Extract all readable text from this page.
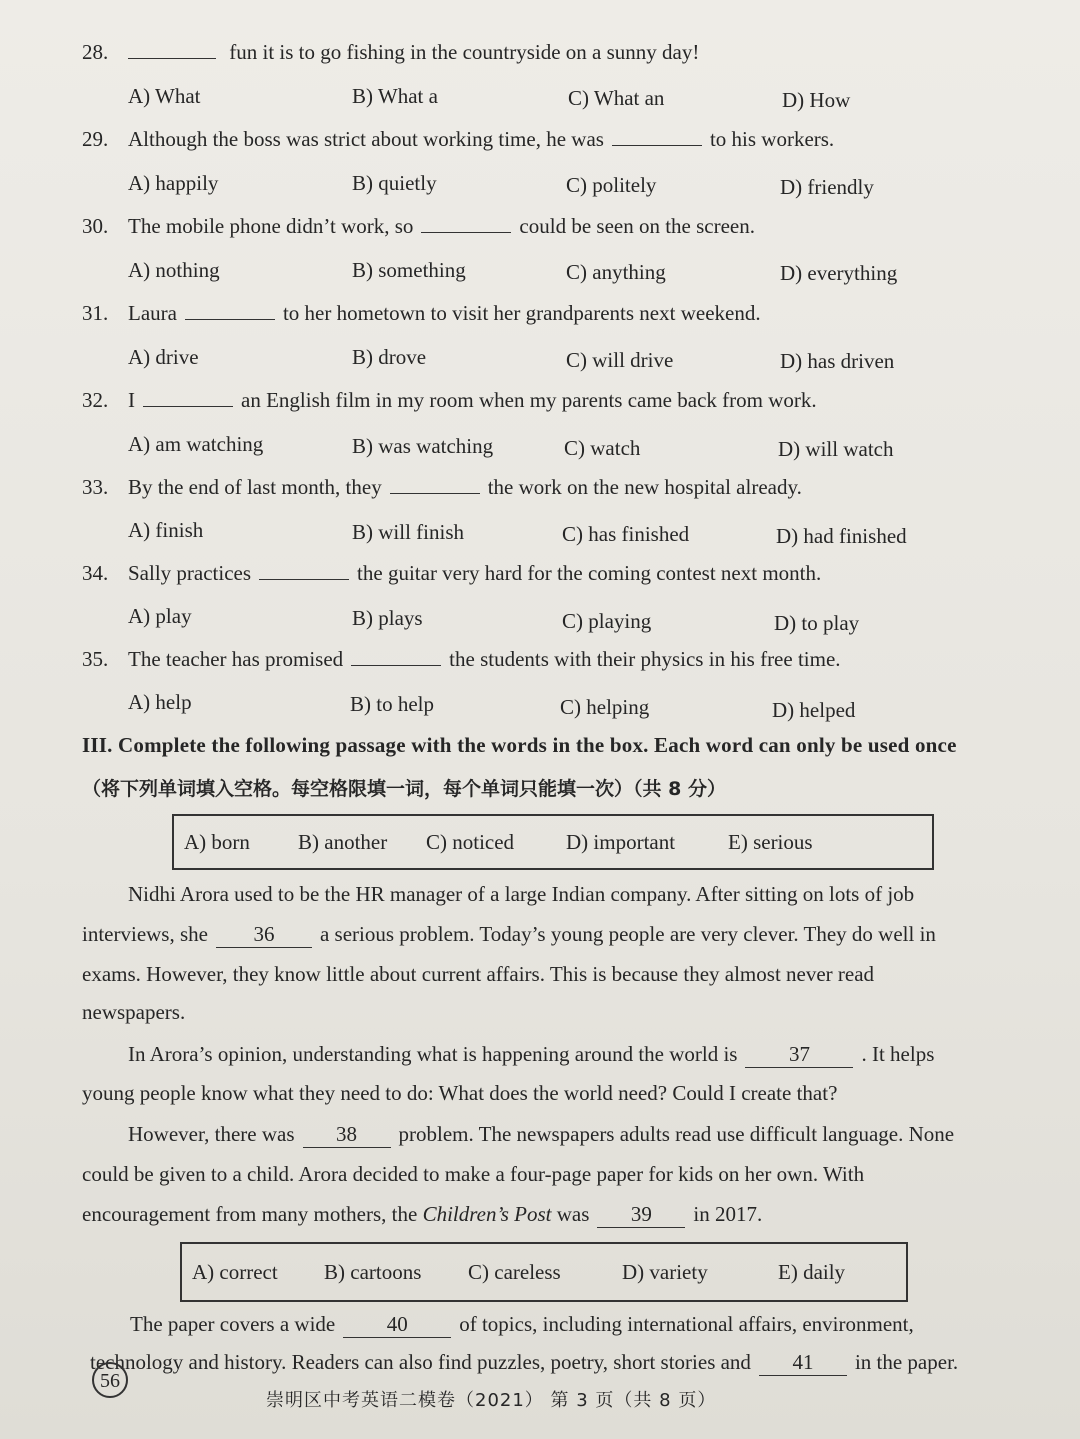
28.	fun it is to go fishing in the countryside on a sunny day!
A) What	B) What a	C) What an	D) How
29. Although the boss was strict about working time, he was	to his workers.
A) happily	B) quietly	C) politely	D) friendly
30. The mobile phone didn’t work, so	could be seen on the screen.
A) nothing	B) something	C) anything	D) everything
31. Laura	to her hometown to visit her grandparents next weekend.
A) drive	B) drove	C) will drive	D) has driven
32. I	an English film in my room when my parents came back from work.
A) am watching	B) was watching	C) watch	D) will watch
33. By the end of last month, they	the work on the new hospital already.
A) finish	B) will finish	C) has finished	D) had finished
34. Sally practices	the guitar very hard for the coming contest next month.
A) play	B) plays	C) playing	D) to play
35. The teacher has promised	the students with their physics in his free time.
A) help	B) to help	C) helping	D) helped
III. Complete the following passage with the words in the box. Each word can only be used once
（将下列单词填入空格。每空格限填一词，每个单词只能填一次）（共 8 分）
A) born B) another C) noticed D) important	E) serious
Nidhi Arora used to be the HR manager of a large Indian company. After sitting on lots of job
interviews, she 36 a serious problem. Today’s young people are very clever. They do well in
exams. However, they know little about current affairs. This is because they almost never read
newspapers.
In Arora’s opinion, understanding what is happening around the world is 37 . It helps
young people know what they need to do: What does the world need? Could I create that?
However, there was 38 problem. The newspapers adults read use difficult language. None
could be given to a child. Arora decided to make a four-page paper for kids on her own. With
encouragement from many mothers, the Children’s Post was 39 in 2017.
A) correct B) cartoons C) careless	D) variety	E) daily
The paper covers a wide 40 of topics, including international affairs, environment,
technology and history. Readers can also find puzzles, poetry, short stories and 41 in the paper.
56
崇明区中考英语二模卷（2021） 第 3 页（共 8 页）
